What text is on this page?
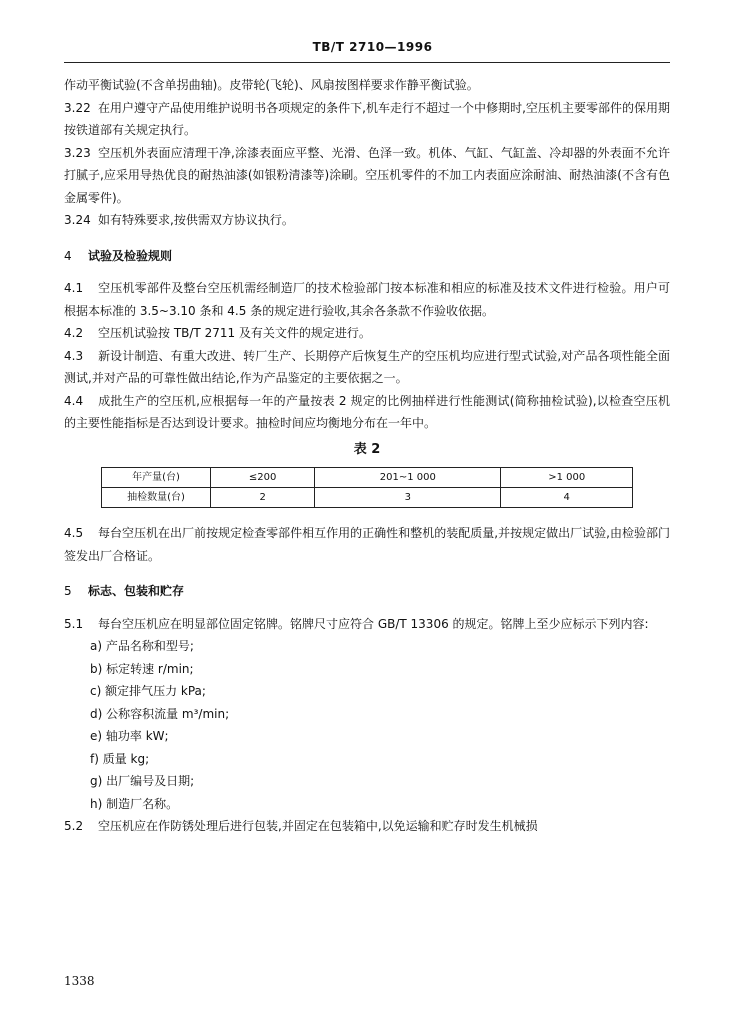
TB/T 2710—1996

作动平衡试验(不含单拐曲轴)。皮带轮(飞轮)、风扇按图样要求作静平衡试验。

3.22 在用户遵守产品使用维护说明书各项规定的条件下,机车走行不超过一个中修期时,空压机主要零部件的保用期按铁道部有关规定执行。

3.23 空压机外表面应清理干净,涂漆表面应平整、光滑、色泽一致。机体、气缸、气缸盖、冷却器的外表面不允许打腻子,应采用导热优良的耐热油漆(如银粉清漆等)涂刷。空压机零件的不加工内表面应涂耐油、耐热油漆(不含有色金属零件)。

3.24 如有特殊要求,按供需双方协议执行。

4 试验及检验规则

4.1 空压机零部件及整台空压机需经制造厂的技术检验部门按本标准和相应的标准及技术文件进行检验。用户可根据本标准的 3.5~3.10 条和 4.5 条的规定进行验收,其余各条款不作验收依据。

4.2 空压机试验按 TB/T 2711 及有关文件的规定进行。

4.3 新设计制造、有重大改进、转厂生产、长期停产后恢复生产的空压机均应进行型式试验,对产品各项性能全面测试,并对产品的可靠性做出结论,作为产品鉴定的主要依据之一。

4.4 成批生产的空压机,应根据每一年的产量按表 2 规定的比例抽样进行性能测试(简称抽检试验),以检查空压机的主要性能指标是否达到设计要求。抽检时间应均衡地分布在一年中。

表 2
年产量(台)	≤200	201~1 000	>1 000
抽检数量(台)	2	3	4

4.5 每台空压机在出厂前按规定检查零部件相互作用的正确性和整机的装配质量,并按规定做出厂试验,由检验部门签发出厂合格证。

5 标志、包装和贮存

5.1 每台空压机应在明显部位固定铭牌。铭牌尺寸应符合 GB/T 13306 的规定。铭牌上至少应标示下列内容:

a) 产品名称和型号;
b) 标定转速 r/min;
c) 额定排气压力 kPa;
d) 公称容积流量 m³/min;
e) 轴功率 kW;
f) 质量 kg;
g) 出厂编号及日期;
h) 制造厂名称。

5.2 空压机应在作防锈处理后进行包装,并固定在包装箱中,以免运输和贮存时发生机械损

1338
